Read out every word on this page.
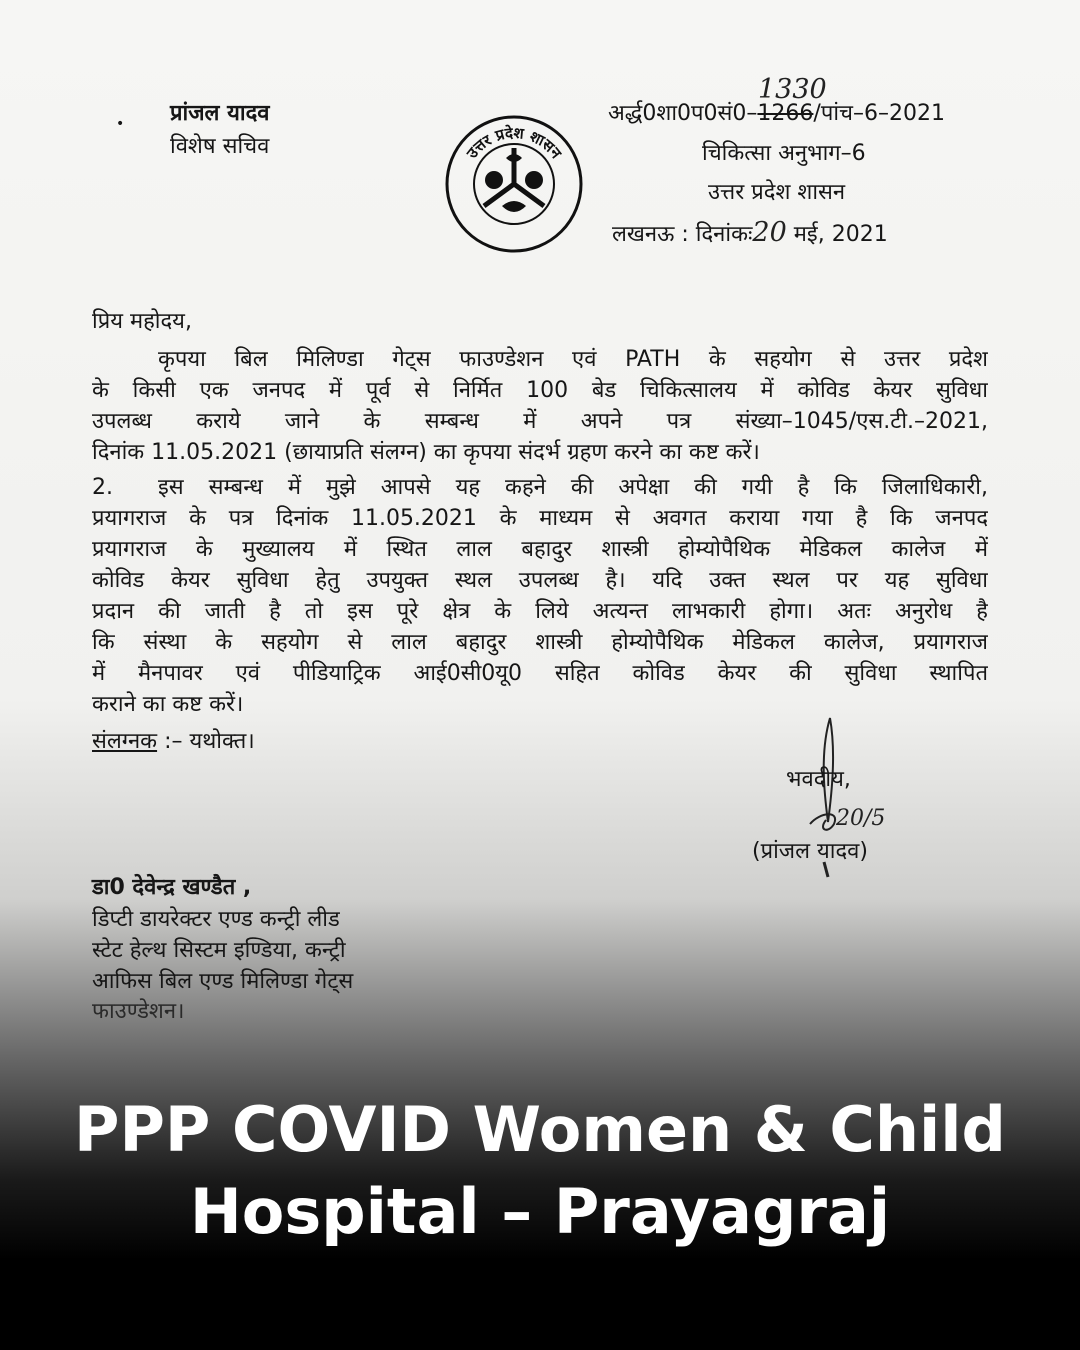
• प्रांजल यादव
विशेष सचिव	उत्तर प्रदेश शासन
1330
अर्द्ध0शा0प0सं0–1266/पांच–6–2021
चिकित्सा अनुभाग–6
उत्तर प्रदेश शासन
लखनऊ : दिनांकः20 मई, 2021
प्रिय महोदय,
कृपया बिल मिलिण्डा गेट्स फाउण्डेशन एवं PATH के सहयोग से उत्तर प्रदेश
के किसी एक जनपद में पूर्व से निर्मित 100 बेड चिकित्सालय में कोविड केयर सुविधा
उपलब्ध कराये जाने के सम्बन्ध में अपने पत्र संख्या–1045/एस.टी.–2021,
दिनांक 11.05.2021 (छायाप्रति संलग्न) का कृपया संदर्भ ग्रहण करने का कष्ट करें।
2. इस सम्बन्ध में मुझे आपसे यह कहने की अपेक्षा की गयी है कि जिलाधिकारी,
प्रयागराज के पत्र दिनांक 11.05.2021 के माध्यम से अवगत कराया गया है कि जनपद
प्रयागराज के मुख्यालय में स्थित लाल बहादुर शास्त्री होम्योपैथिक मेडिकल कालेज में
कोविड केयर सुविधा हेतु उपयुक्त स्थल उपलब्ध है। यदि उक्त स्थल पर यह सुविधा
प्रदान की जाती है तो इस पूरे क्षेत्र के लिये अत्यन्त लाभकारी होगा। अतः अनुरोध है
कि संस्था के सहयोग से लाल बहादुर शास्त्री होम्योपैथिक मेडिकल कालेज, प्रयागराज
में मैनपावर एवं पीडियाट्रिक आई0सी0यू0 सहित कोविड केयर की सुविधा स्थापित
कराने का कष्ट करें।
संलग्नक :– यथोक्त।
भवदीय,
20/5
(प्रांजल यादव)
डा0 देवेन्द्र खण्डैत ,
डिप्टी डायरेक्टर एण्ड कन्ट्री लीड
स्टेट हेल्थ सिस्टम इण्डिया, कन्ट्री
आफिस बिल एण्ड मिलिण्डा गेट्स
फाउण्डेशन।
PPP COVID Women & Child
Hospital – Prayagraj
